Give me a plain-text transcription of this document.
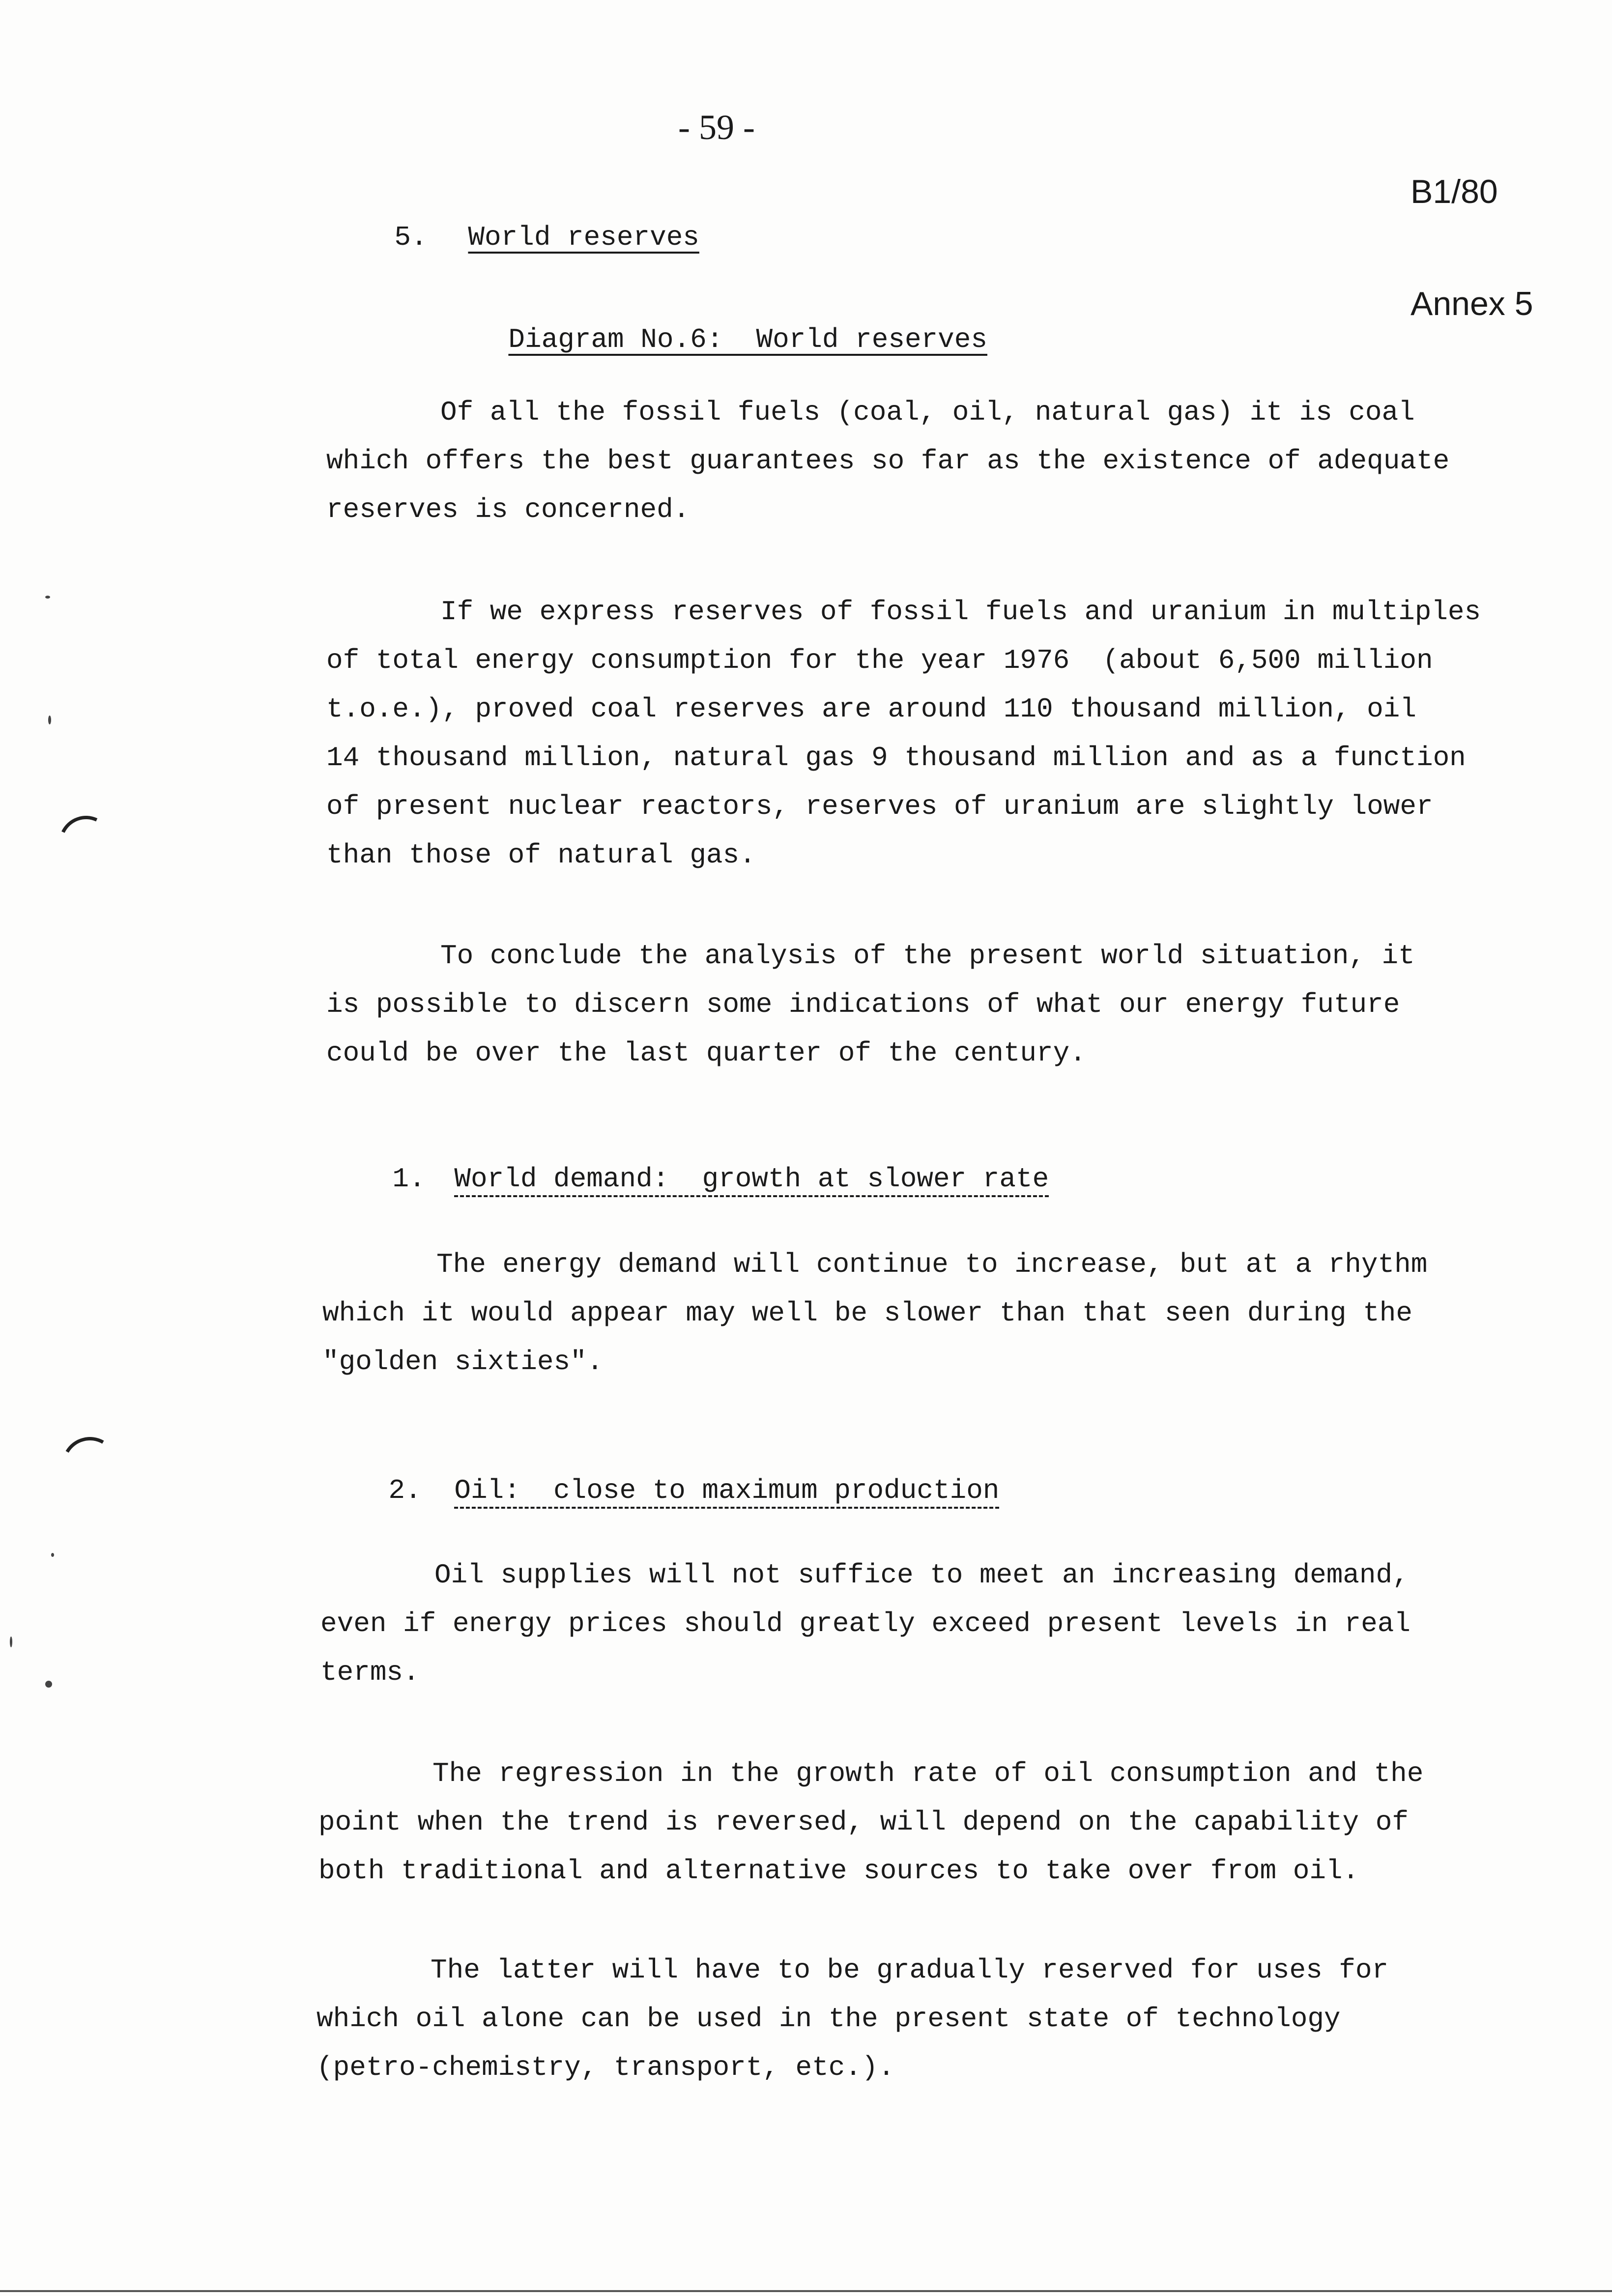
- 59 -

B1/80

Annex 5

5. World reserves

Diagram No.6:  World reserves

Of all the fossil fuels (coal, oil, natural gas) it is coal
which offers the best guarantees so far as the existence of adequate
reserves is concerned.
If we express reserves of fossil fuels and uranium in multiples
of total energy consumption for the year 1976  (about 6,500 million
t.o.e.), proved coal reserves are around 110 thousand million, oil
14 thousand million, natural gas 9 thousand million and as a function
of present nuclear reactors, reserves of uranium are slightly lower
than those of natural gas.
To conclude the analysis of the present world situation, it
is possible to discern some indications of what our energy future
could be over the last quarter of the century.

1. World demand:  growth at slower rate

The energy demand will continue to increase, but at a rhythm
which it would appear may well be slower than that seen during the
"golden sixties".

2. Oil:  close to maximum production

Oil supplies will not suffice to meet an increasing demand,
even if energy prices should greatly exceed present levels in real
terms.
The regression in the growth rate of oil consumption and the
point when the trend is reversed, will depend on the capability of
both traditional and alternative sources to take over from oil.
The latter will have to be gradually reserved for uses for
which oil alone can be used in the present state of technology
(petro-chemistry, transport, etc.).
